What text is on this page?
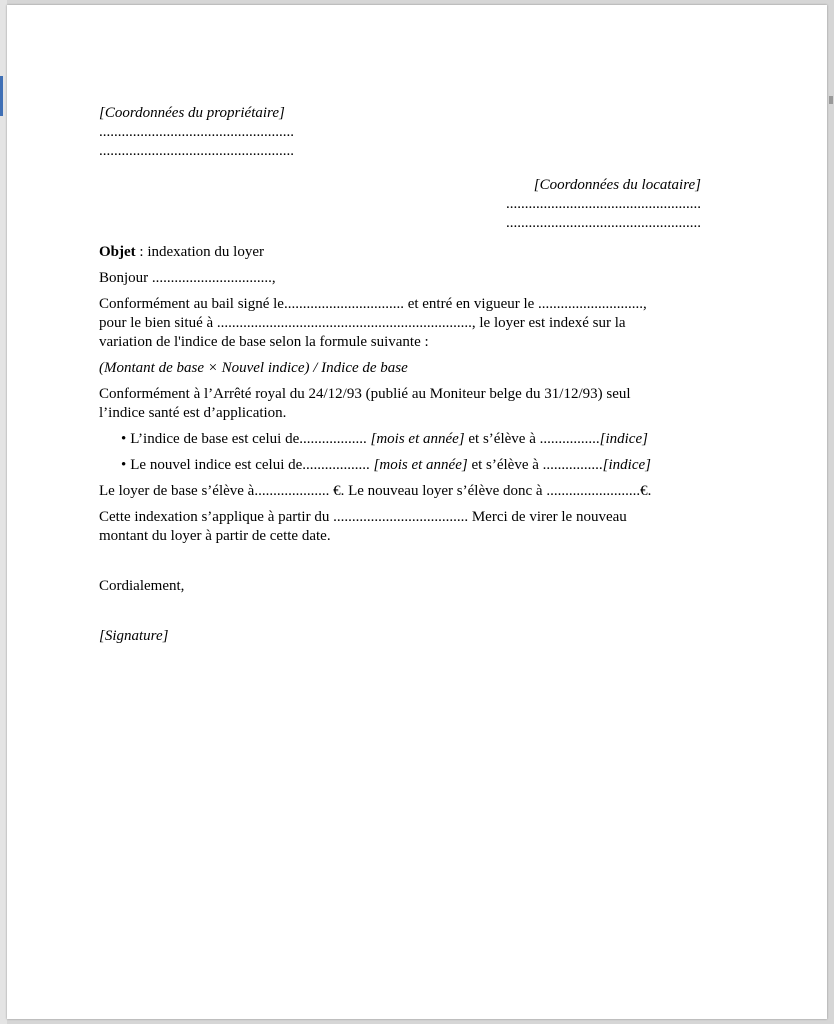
[Coordonnées du propriétaire]

....................................................

....................................................

[Coordonnées du locataire]

....................................................

....................................................

Objet : indexation du loyer

Bonjour ................................,

Conformément au bail signé le................................ et entré en vigueur le ............................,

pour le bien situé à ...................................................................., le loyer est indexé sur la

variation de l'indice de base selon la formule suivante :

(Montant de base × Nouvel indice) / Indice de base

Conformément à l’Arrêté royal du 24/12/93 (publié au Moniteur belge du 31/12/93) seul

l’indice santé est d’application.

• L’indice de base est celui de.................. [mois et année] et s’élève à ................[indice]

• Le nouvel indice est celui de.................. [mois et année] et s’élève à ................[indice]

Le loyer de base s’élève à.................... €. Le nouveau loyer s’élève donc à .........................€.

Cette indexation s’applique à partir du .................................... Merci de virer le nouveau

montant du loyer à partir de cette date.

Cordialement,

[Signature]
